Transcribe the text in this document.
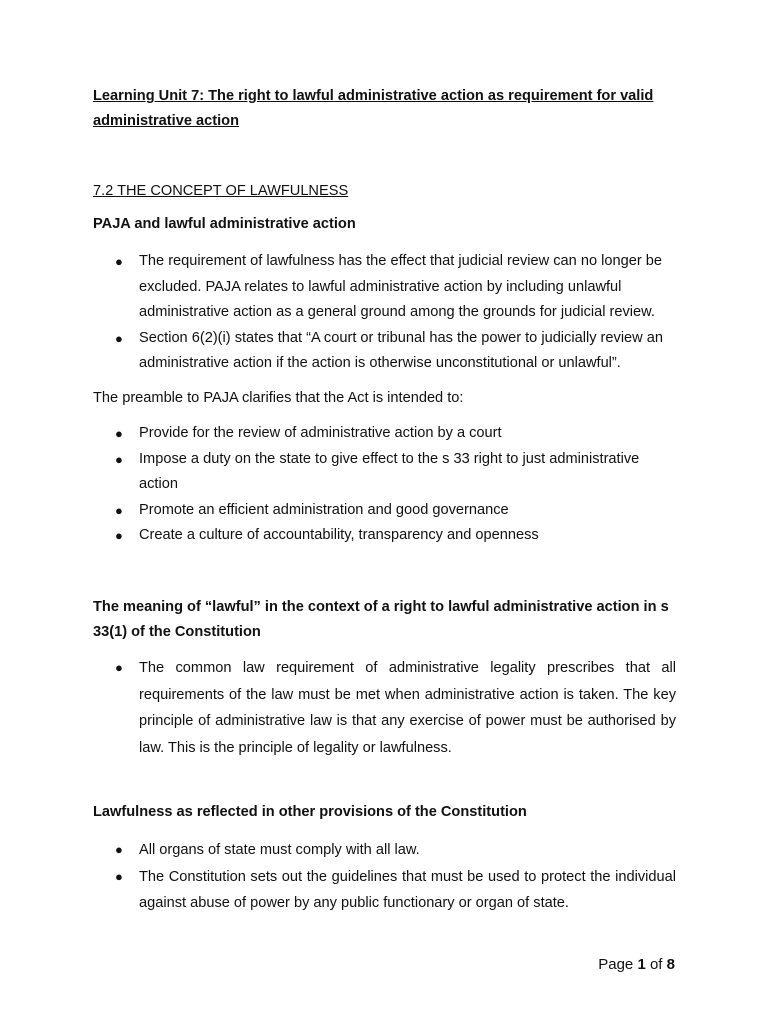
Learning Unit 7: The right to lawful administrative action as requirement for valid administrative action
7.2 THE CONCEPT OF LAWFULNESS
PAJA and lawful administrative action
● The requirement of lawfulness has the effect that judicial review can no longer be excluded. PAJA relates to lawful administrative action by including unlawful administrative action as a general ground among the grounds for judicial review.
● Section 6(2)(i) states that “A court or tribunal has the power to judicially review an administrative action if the action is otherwise unconstitutional or unlawful”.
The preamble to PAJA clarifies that the Act is intended to:
● Provide for the review of administrative action by a court
● Impose a duty on the state to give effect to the s 33 right to just administrative action
● Promote an efficient administration and good governance
● Create a culture of accountability, transparency and openness
The meaning of “lawful” in the context of a right to lawful administrative action in s 33(1) of the Constitution
● The common law requirement of administrative legality prescribes that all requirements of the law must be met when administrative action is taken. The key principle of administrative law is that any exercise of power must be authorised by law. This is the principle of legality or lawfulness.
Lawfulness as reflected in other provisions of the Constitution
● All organs of state must comply with all law.
● The Constitution sets out the guidelines that must be used to protect the individual against abuse of power by any public functionary or organ of state.
Page 1 of 8
